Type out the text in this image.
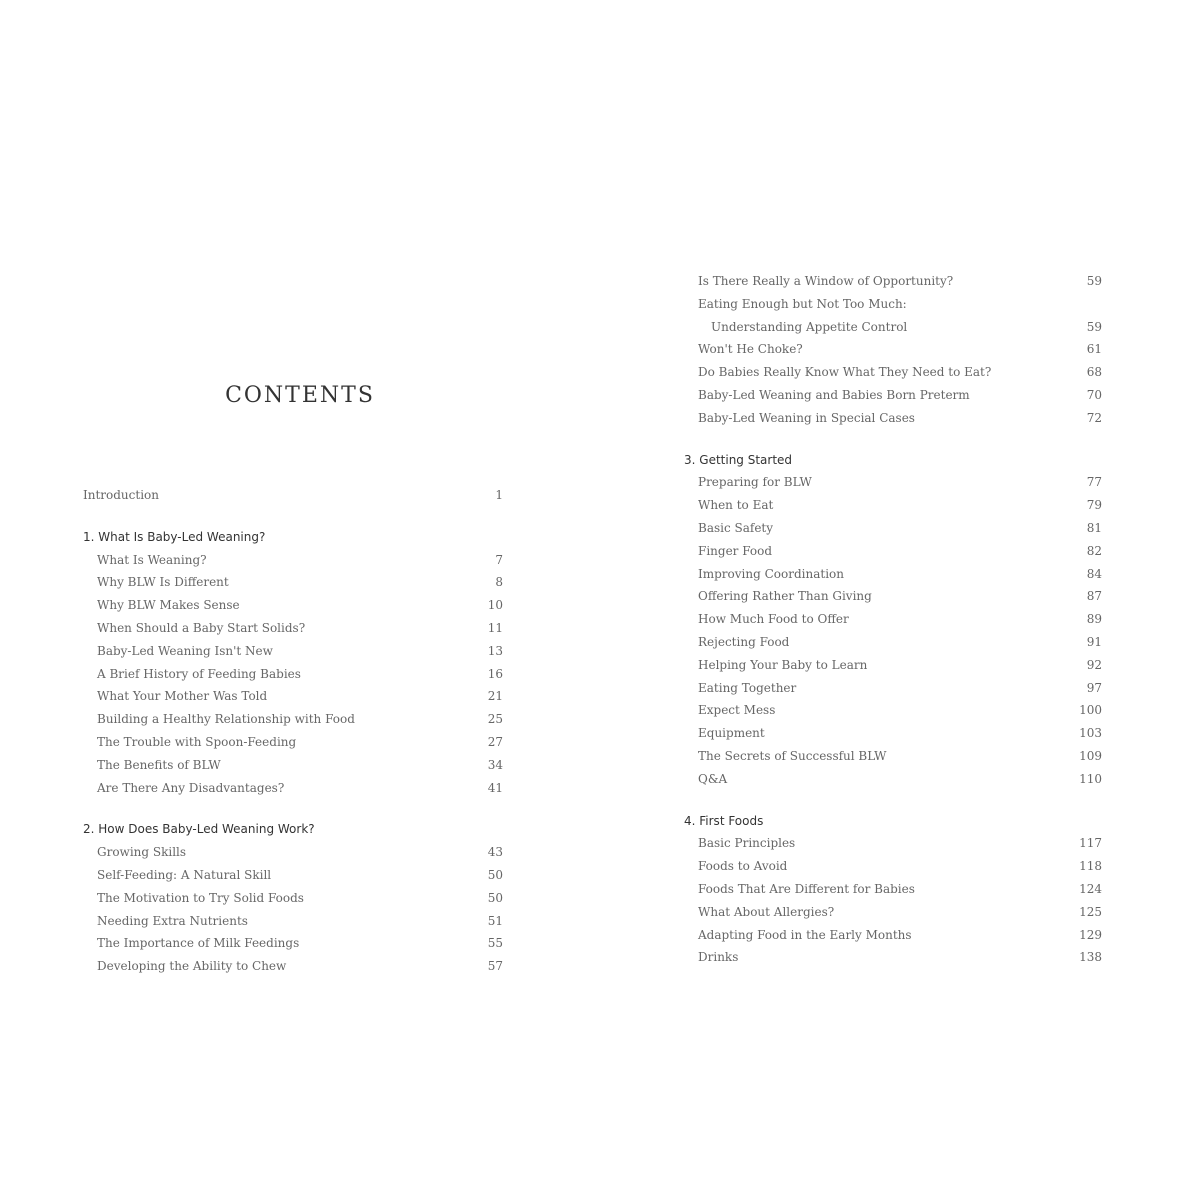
CONTENTS
Introduction	1
1. What Is Baby-Led Weaning?
What Is Weaning?	7
Why BLW Is Different	8
Why BLW Makes Sense	10
When Should a Baby Start Solids?	11
Baby-Led Weaning Isn't New	13
A Brief History of Feeding Babies	16
What Your Mother Was Told	21
Building a Healthy Relationship with Food	25
The Trouble with Spoon-Feeding	27
The Benefits of BLW	34
Are There Any Disadvantages?	41
2. How Does Baby-Led Weaning Work?
Growing Skills	43
Self-Feeding: A Natural Skill	50
The Motivation to Try Solid Foods	50
Needing Extra Nutrients	51
The Importance of Milk Feedings	55
Developing the Ability to Chew	57
Is There Really a Window of Opportunity?	59
Eating Enough but Not Too Much:
Understanding Appetite Control	59
Won't He Choke?	61
Do Babies Really Know What They Need to Eat?	68
Baby-Led Weaning and Babies Born Preterm	70
Baby-Led Weaning in Special Cases	72
3. Getting Started
Preparing for BLW	77
When to Eat	79
Basic Safety	81
Finger Food	82
Improving Coordination	84
Offering Rather Than Giving	87
How Much Food to Offer	89
Rejecting Food	91
Helping Your Baby to Learn	92
Eating Together	97
Expect Mess	100
Equipment	103
The Secrets of Successful BLW	109
Q&A	110
4. First Foods
Basic Principles	117
Foods to Avoid	118
Foods That Are Different for Babies	124
What About Allergies?	125
Adapting Food in the Early Months	129
Drinks	138
